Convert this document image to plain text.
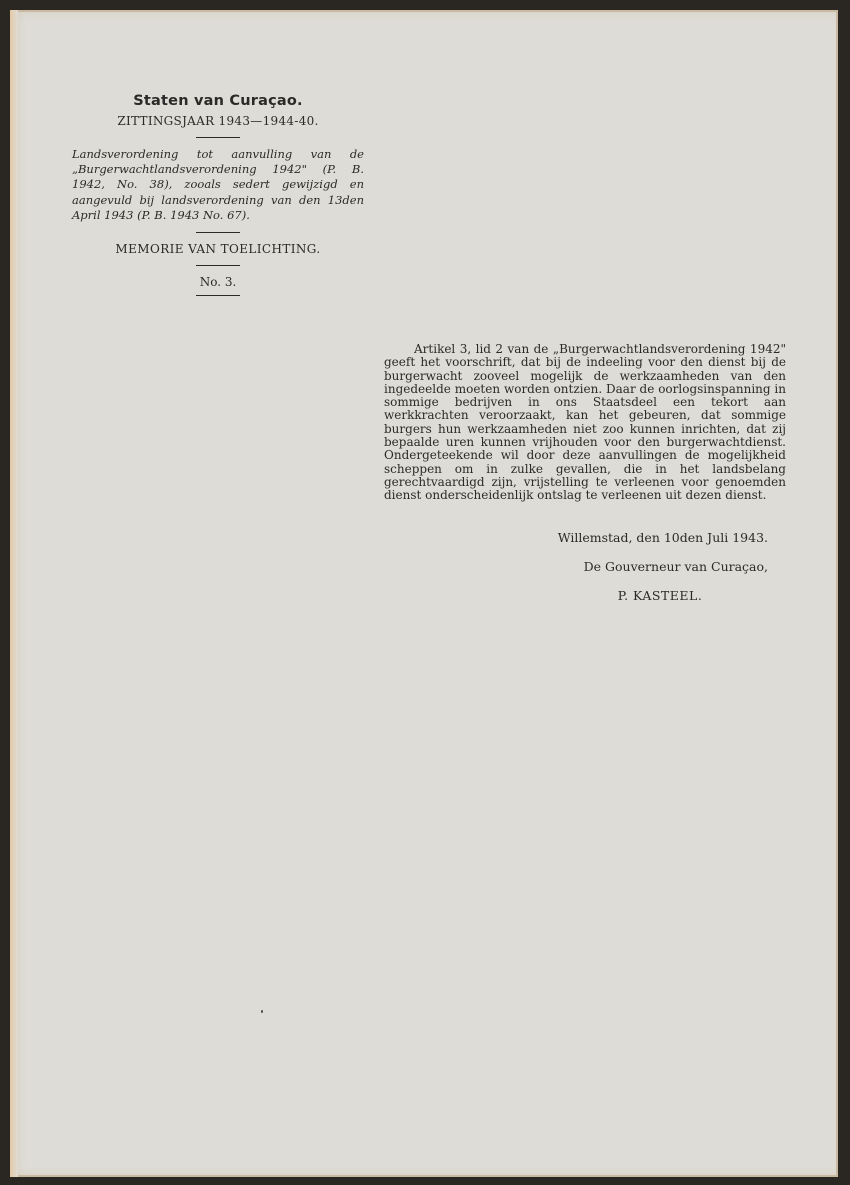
Staten van Curaçao.

ZITTINGSJAAR 1943—1944-40.

Landsverordening tot aanvulling van de „Burgerwachtlandsverordening 1942" (P. B. 1942, No. 38), zooals sedert gewijzigd en aangevuld bij landsverordening van den 13den April 1943 (P. B. 1943 No. 67).

MEMORIE VAN TOELICHTING.

No. 3.

Artikel 3, lid 2 van de „Burgerwachtlandsverordening 1942" geeft het voorschrift, dat bij de indeeling voor den dienst bij de burgerwacht zooveel mogelijk de werkzaamheden van den ingedeelde moeten worden ontzien. Daar de oorlogsinspanning in sommige bedrijven in ons Staatsdeel een tekort aan werkkrachten veroorzaakt, kan het gebeuren, dat sommige burgers hun werkzaamheden niet zoo kunnen inrichten, dat zij bepaalde uren kunnen vrijhouden voor den burgerwachtdienst. Ondergeteekende wil door deze aanvullingen de mogelijkheid scheppen om in zulke gevallen, die in het landsbelang gerechtvaardigd zijn, vrijstelling te verleenen voor genoemden dienst onderscheidenlijk ontslag te verleenen uit dezen dienst.

Willemstad, den 10den Juli 1943.

De Gouverneur van Curaçao,

P. KASTEEL.
